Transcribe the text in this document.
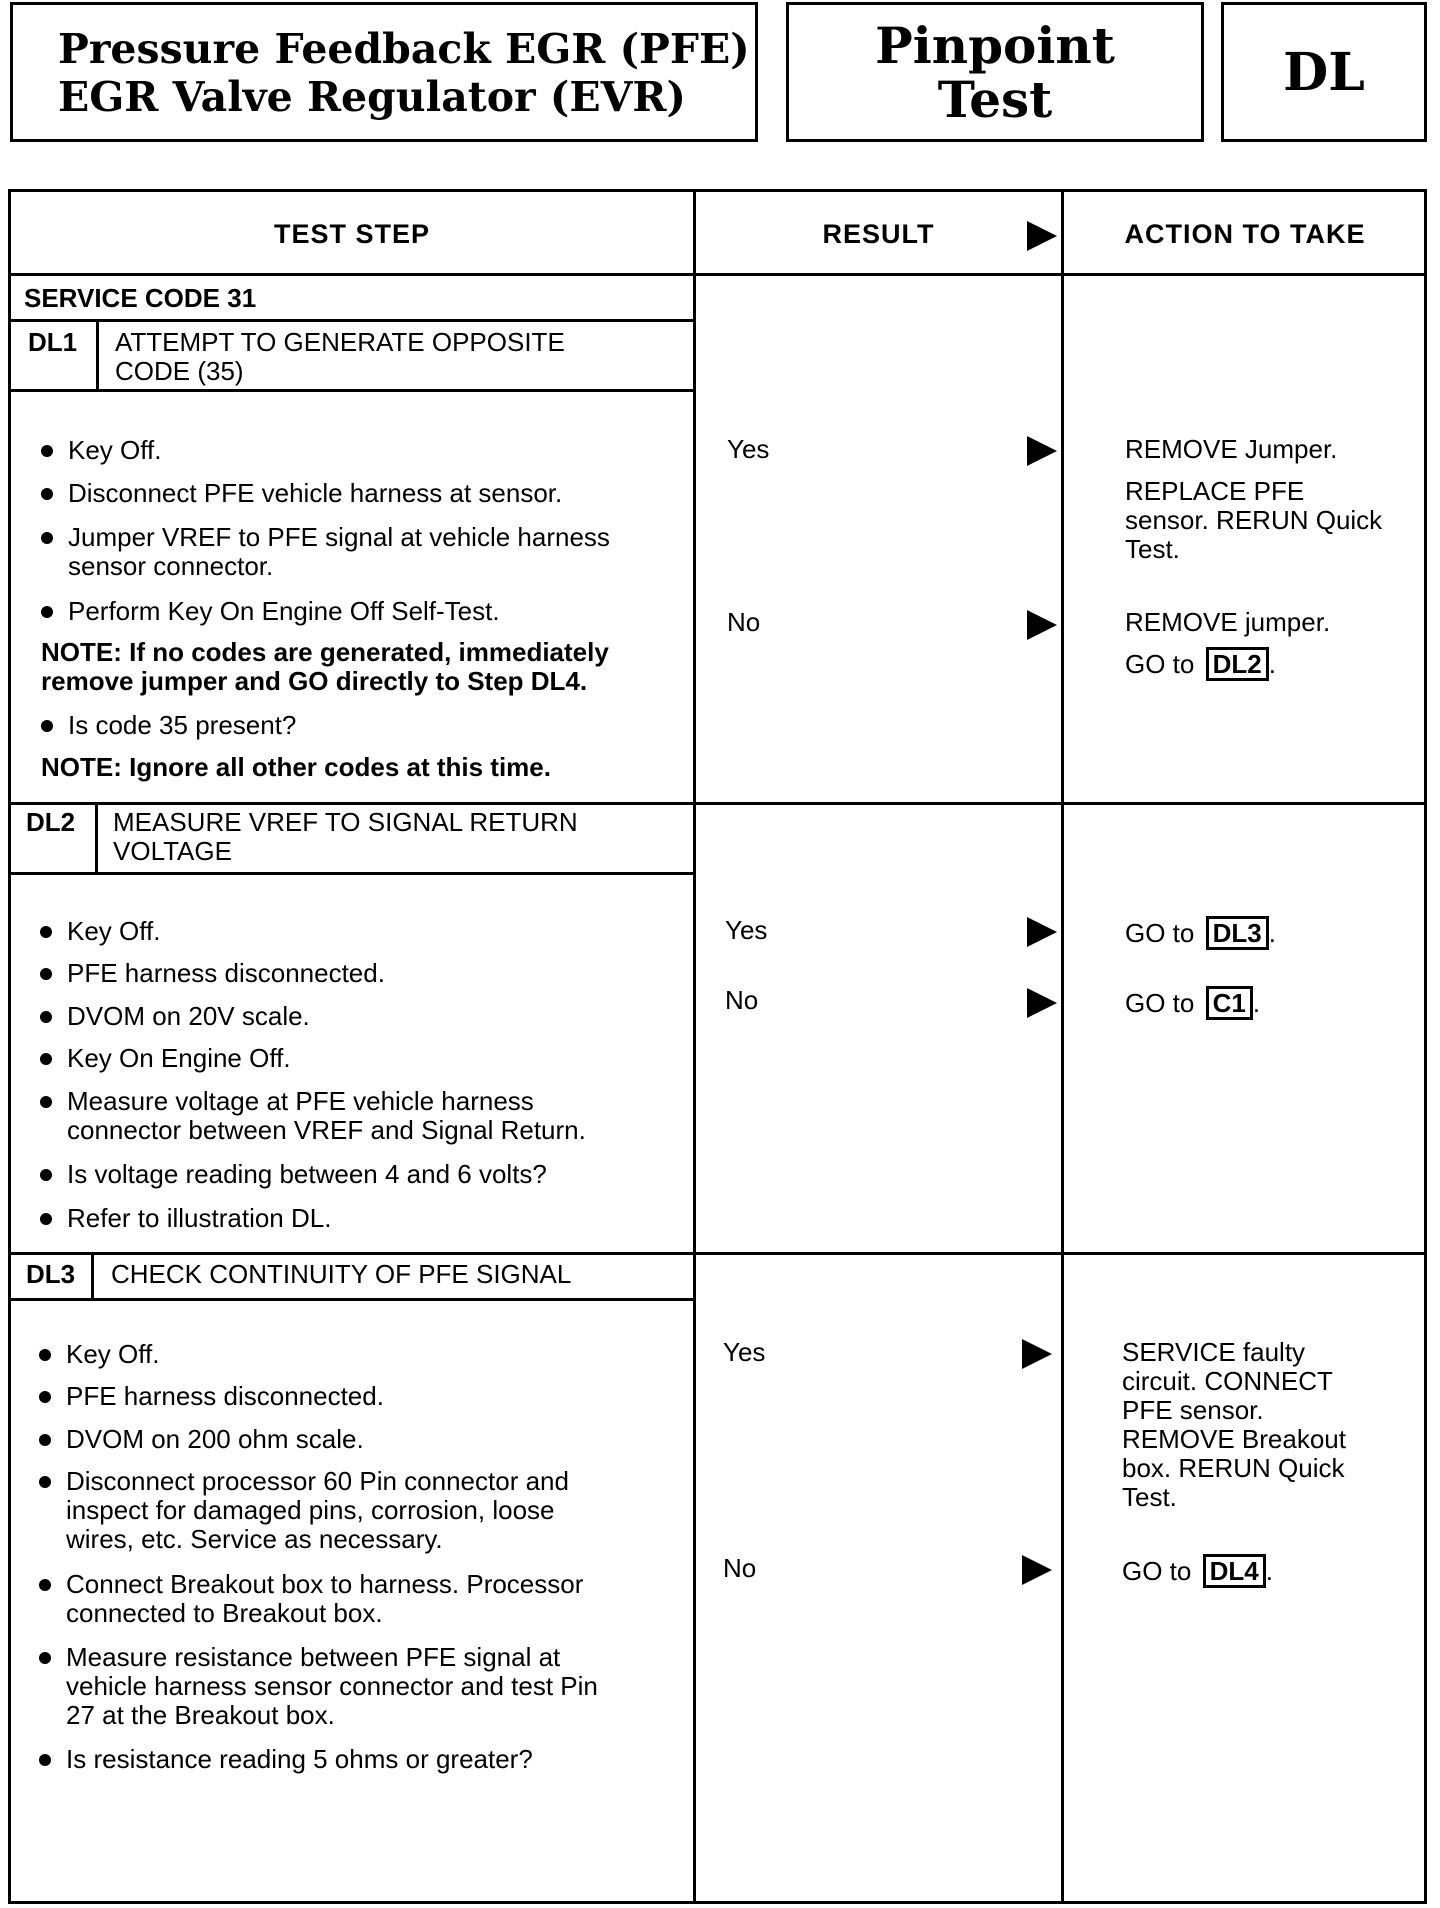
Pressure Feedback EGR (PFE)
EGR Valve Regulator (EVR)
Pinpoint
Test	DL
TEST STEP	RESULT	ACTION TO TAKE
SERVICE CODE 31
DL1 ATTEMPT TO GENERATE OPPOSITE
CODE (35)
Key Off.
Disconnect PFE vehicle harness at sensor.
Jumper VREF to PFE signal at vehicle harness
sensor connector.
Perform Key On Engine Off Self-Test.
NOTE: If no codes are generated, immediately
remove jumper and GO directly to Step DL4.
Is code 35 present?
NOTE: Ignore all other codes at this time.
Yes	REMOVE Jumper.
REPLACE PFE
sensor. RERUN Quick
Test.
No	REMOVE jumper.
GO to DL2 .
DL2 MEASURE VREF TO SIGNAL RETURN
VOLTAGE
Key Off.
PFE harness disconnected.
DVOM on 20V scale.
Key On Engine Off.
Measure voltage at PFE vehicle harness
connector between VREF and Signal Return.
Is voltage reading between 4 and 6 volts?
Refer to illustration DL.
Yes	GO to DL3 .
No	GO to C1 .
DL3 CHECK CONTINUITY OF PFE SIGNAL
Key Off.
PFE harness disconnected.
DVOM on 200 ohm scale.
Disconnect processor 60 Pin connector and
inspect for damaged pins, corrosion, loose
wires, etc. Service as necessary.
Connect Breakout box to harness. Processor
connected to Breakout box.
Measure resistance between PFE signal at
vehicle harness sensor connector and test Pin
27 at the Breakout box.
Is resistance reading 5 ohms or greater?
Yes	SERVICE faulty
circuit. CONNECT
PFE sensor.
REMOVE Breakout
box. RERUN Quick
Test.
No	GO to DL4 .
